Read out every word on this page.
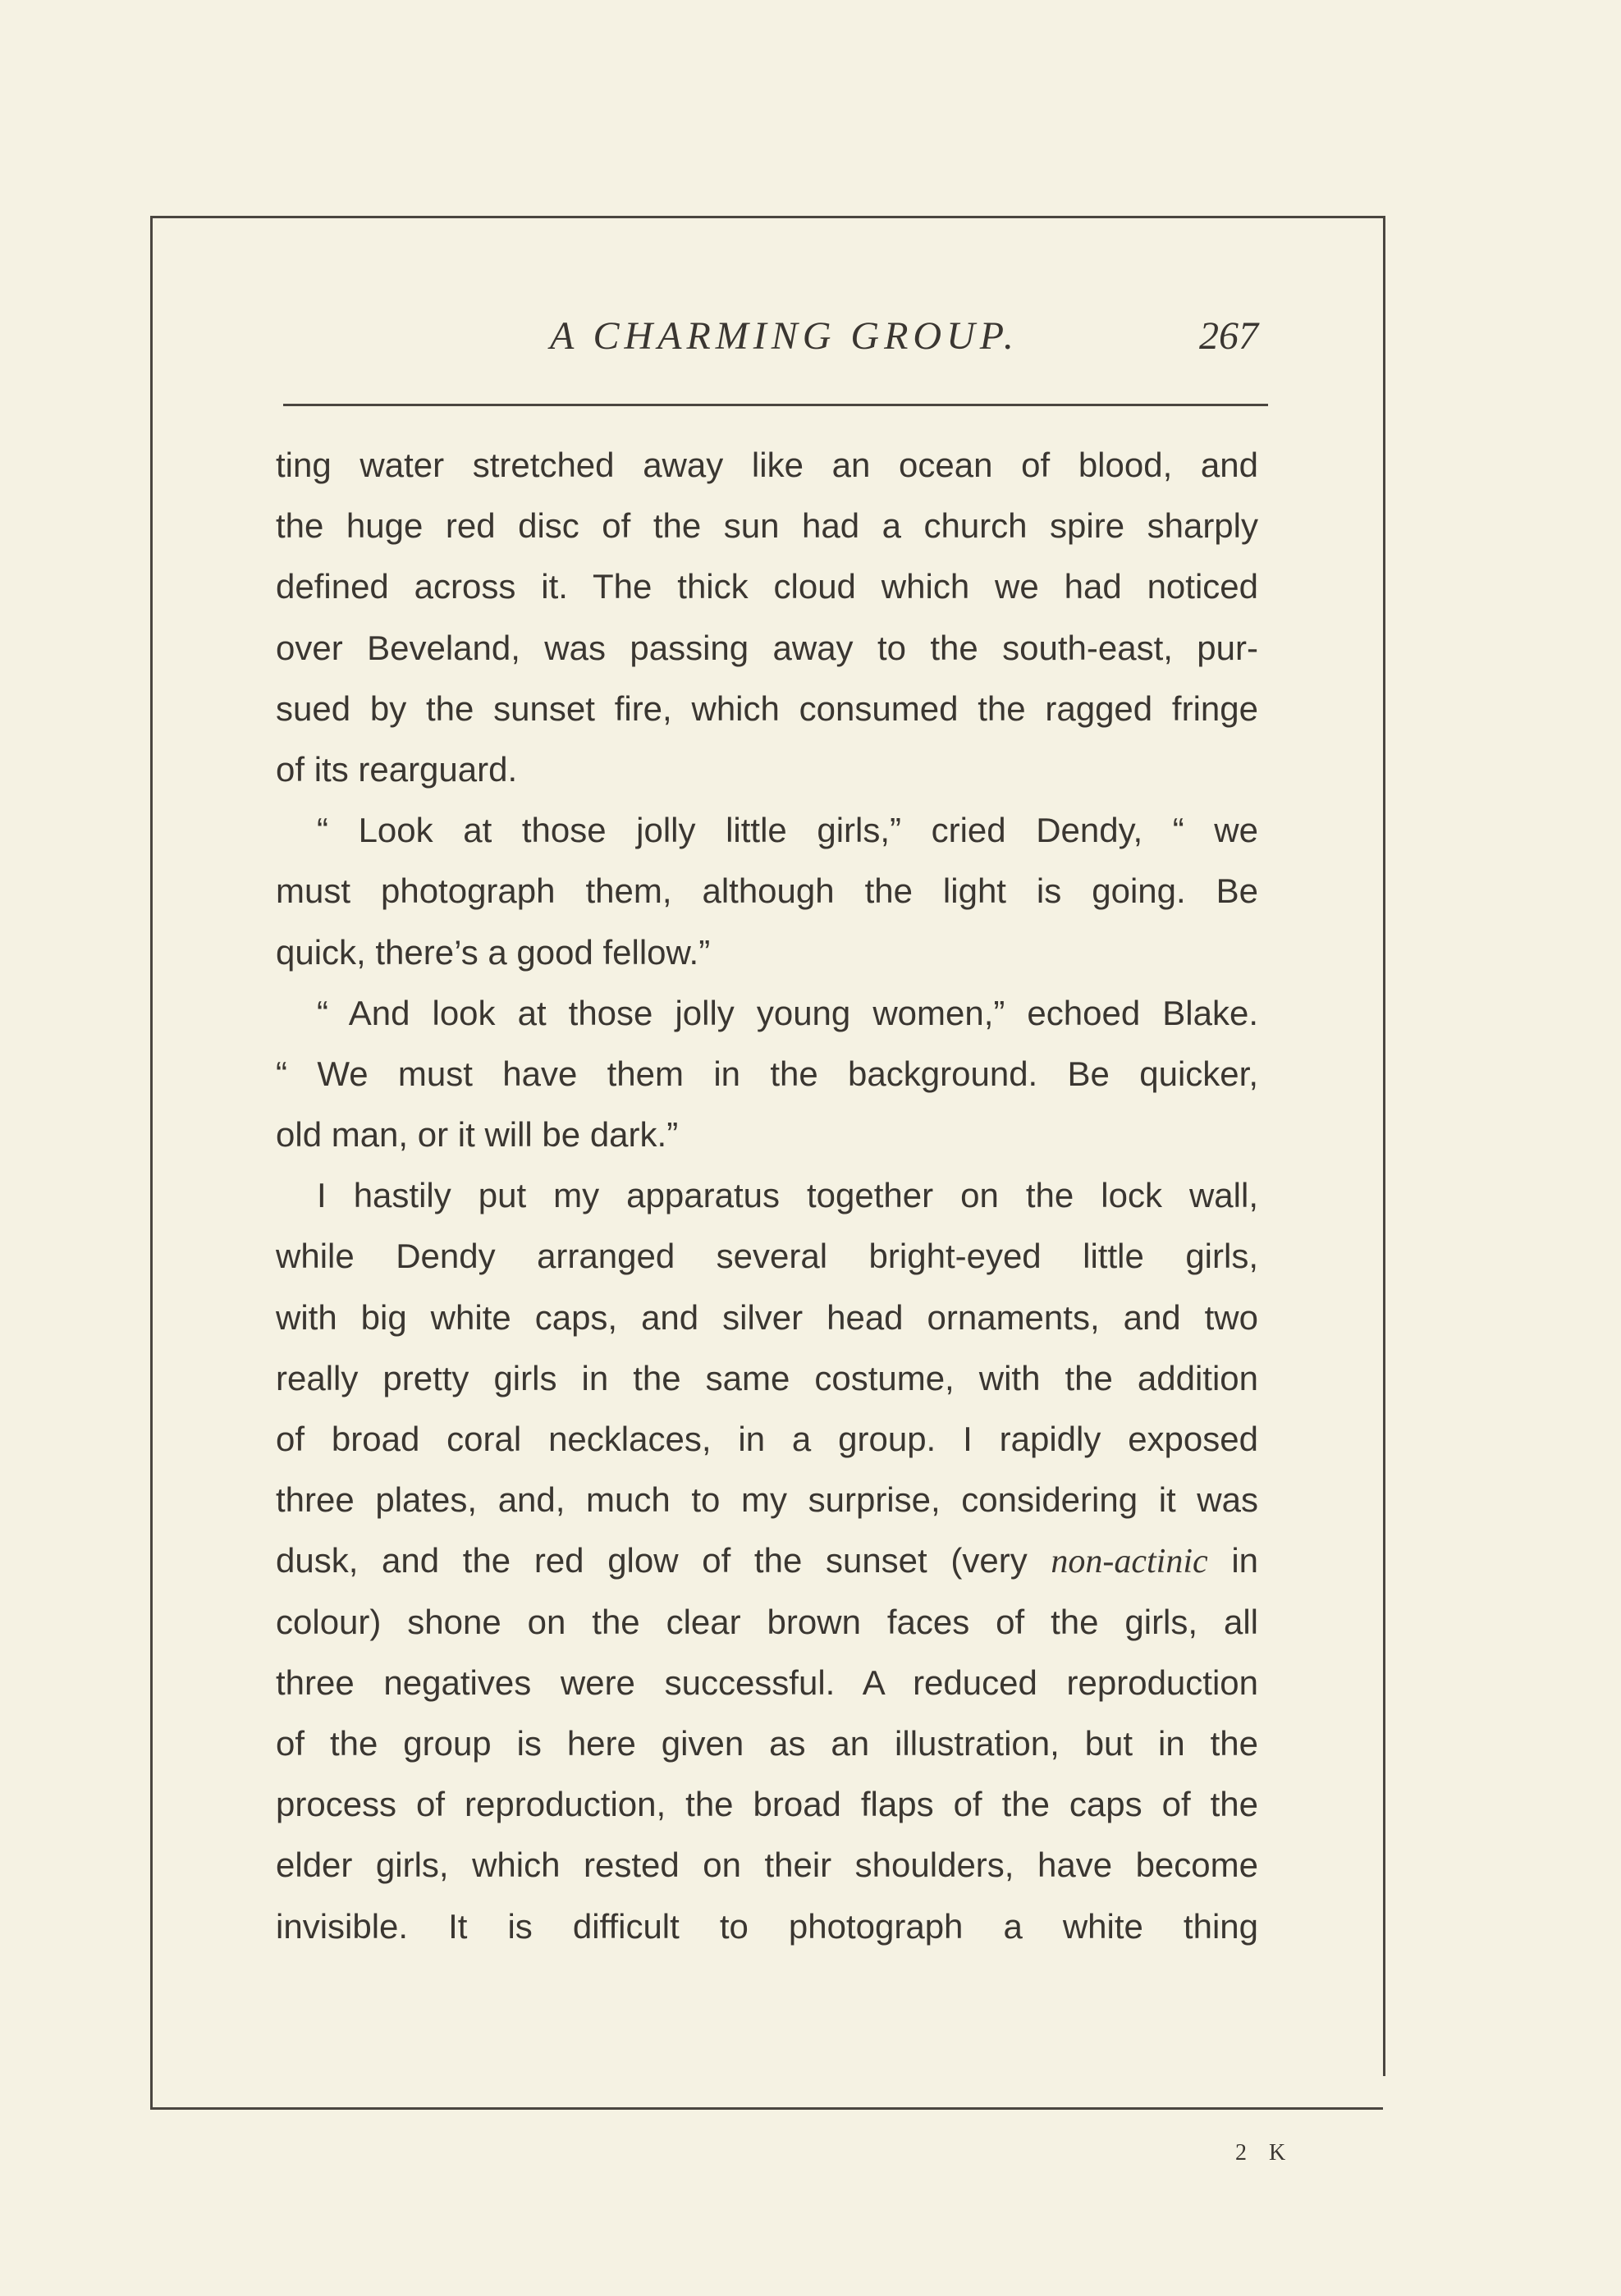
A CHARMING GROUP.	267
ting water stretched away like an ocean of blood, and
the huge red disc of the sun had a church spire sharply
defined across it. The thick cloud which we had noticed
over Beveland, was passing away to the south-east, pur-
sued by the sunset fire, which consumed the ragged fringe
of its rearguard.
“ Look at those jolly little girls,” cried Dendy, “ we
must photograph them, although the light is going. Be
quick, there’s a good fellow.”
“ And look at those jolly young women,” echoed Blake.
“ We must have them in the background. Be quicker,
old man, or it will be dark.”
I hastily put my apparatus together on the lock wall,
while Dendy arranged several bright-eyed little girls,
with big white caps, and silver head ornaments, and two
really pretty girls in the same costume, with the addition
of broad coral necklaces, in a group. I rapidly exposed
three plates, and, much to my surprise, considering it was
dusk, and the red glow of the sunset (very non-actinic in
colour) shone on the clear brown faces of the girls, all
three negatives were successful. A reduced reproduction
of the group is here given as an illustration, but in the
process of reproduction, the broad flaps of the caps of the
elder girls, which rested on their shoulders, have become
invisible. It is difficult to photograph a white thing
2 K
